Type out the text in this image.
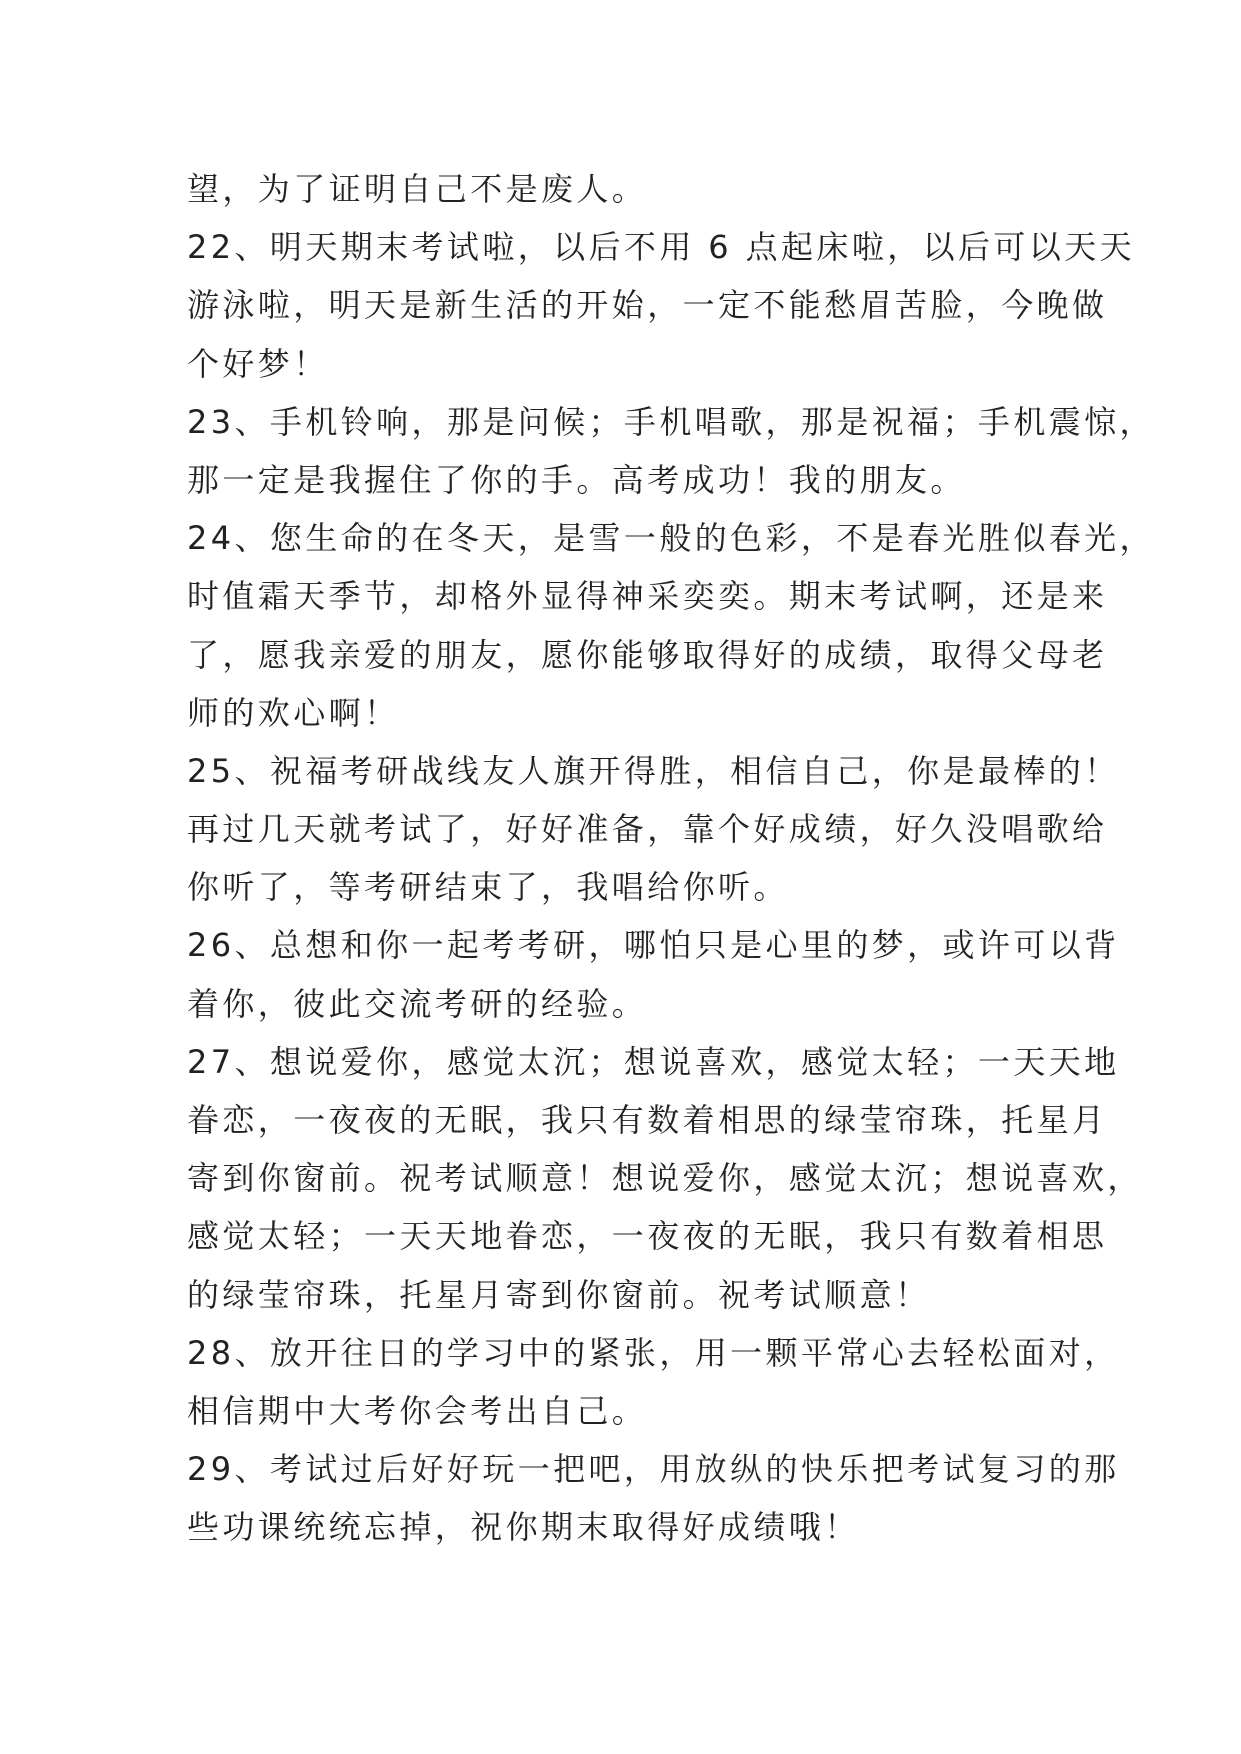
望，为了证明自己不是废人。
22、明天期末考试啦，以后不用 6 点起床啦，以后可以天天
游泳啦，明天是新生活的开始，一定不能愁眉苦脸，今晚做
个好梦！
23、手机铃响，那是问候；手机唱歌，那是祝福；手机震惊，
那一定是我握住了你的手。高考成功！我的朋友。
24、您生命的在冬天，是雪一般的色彩，不是春光胜似春光，
时值霜天季节，却格外显得神采奕奕。期末考试啊，还是来
了，愿我亲爱的朋友，愿你能够取得好的成绩，取得父母老
师的欢心啊！
25、祝福考研战线友人旗开得胜，相信自己，你是最棒的！
再过几天就考试了，好好准备，靠个好成绩，好久没唱歌给
你听了，等考研结束了，我唱给你听。
26、总想和你一起考考研，哪怕只是心里的梦，或许可以背
着你，彼此交流考研的经验。
27、想说爱你，感觉太沉；想说喜欢，感觉太轻；一天天地
眷恋，一夜夜的无眠，我只有数着相思的绿莹帘珠，托星月
寄到你窗前。祝考试顺意！想说爱你，感觉太沉；想说喜欢，
感觉太轻；一天天地眷恋，一夜夜的无眠，我只有数着相思
的绿莹帘珠，托星月寄到你窗前。祝考试顺意！
28、放开往日的学习中的紧张，用一颗平常心去轻松面对，
相信期中大考你会考出自己。
29、考试过后好好玩一把吧，用放纵的快乐把考试复习的那
些功课统统忘掉，祝你期末取得好成绩哦！
